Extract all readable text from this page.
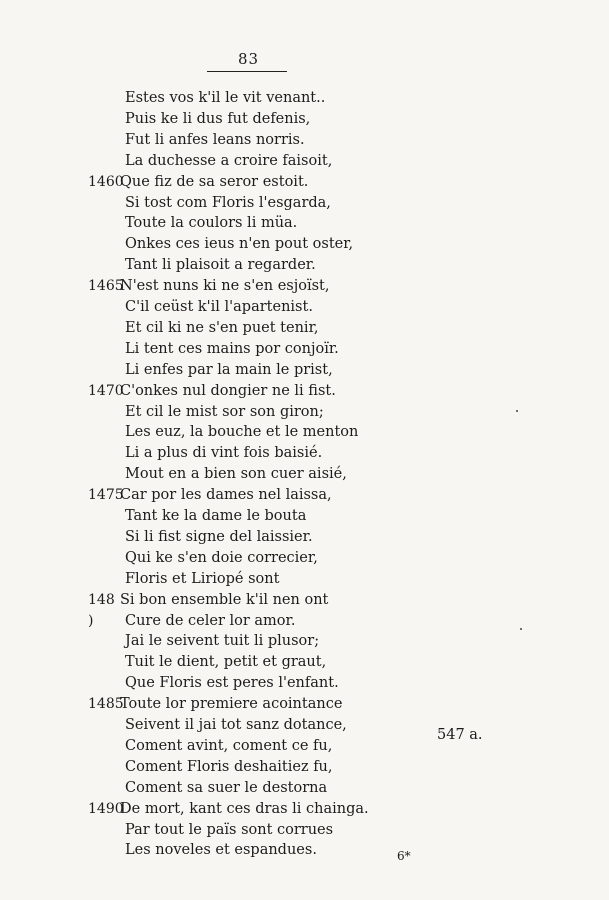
83
Estes vos k'il le vit venant..
Puis ke li dus fut defenis,
Fut li anfes leans norris.
La duchesse a croire faisoit,
1460
Que fiz de sa seror estoit.
Si tost com Floris l'esgarda,
Toute la coulors li müa.
Onkes ces ieus n'en pout oster,
Tant li plaisoit a regarder.
1465
N'est nuns ki ne s'en esjoïst,
C'il ceüst k'il l'apartenist.
Et cil ki ne s'en puet tenir,
Li tent ces mains por conjoïr.
Li enfes par la main le prist,
1470
C'onkes nul dongier ne li fist.
Et cil le mist sor son giron;
Les euz, la bouche et le menton
Li a plus di vint fois baisié.
Mout en a bien son cuer aisié,
1475
Car por les dames nel laissa,
Tant ke la dame le bouta
Si li fist signe del laissier.
Qui ke s'en doie correcier,
Floris et Liriopé sont
148 )
Si bon ensemble k'il nen ont
Cure de celer lor amor.
Jai le seivent tuit li plusor;
Tuit le dient, petit et graut,
Que Floris est peres l'enfant.
1485
Toute lor premiere acointance
Seivent il jai tot sanz dotance,
Coment avint, coment ce fu,
Coment Floris deshaitiez fu,
Coment sa suer le destorna
1490
De mort, kant ces dras li chainga.
Par tout le païs sont corrues
Les noveles et espandues.
547 a.
6*
